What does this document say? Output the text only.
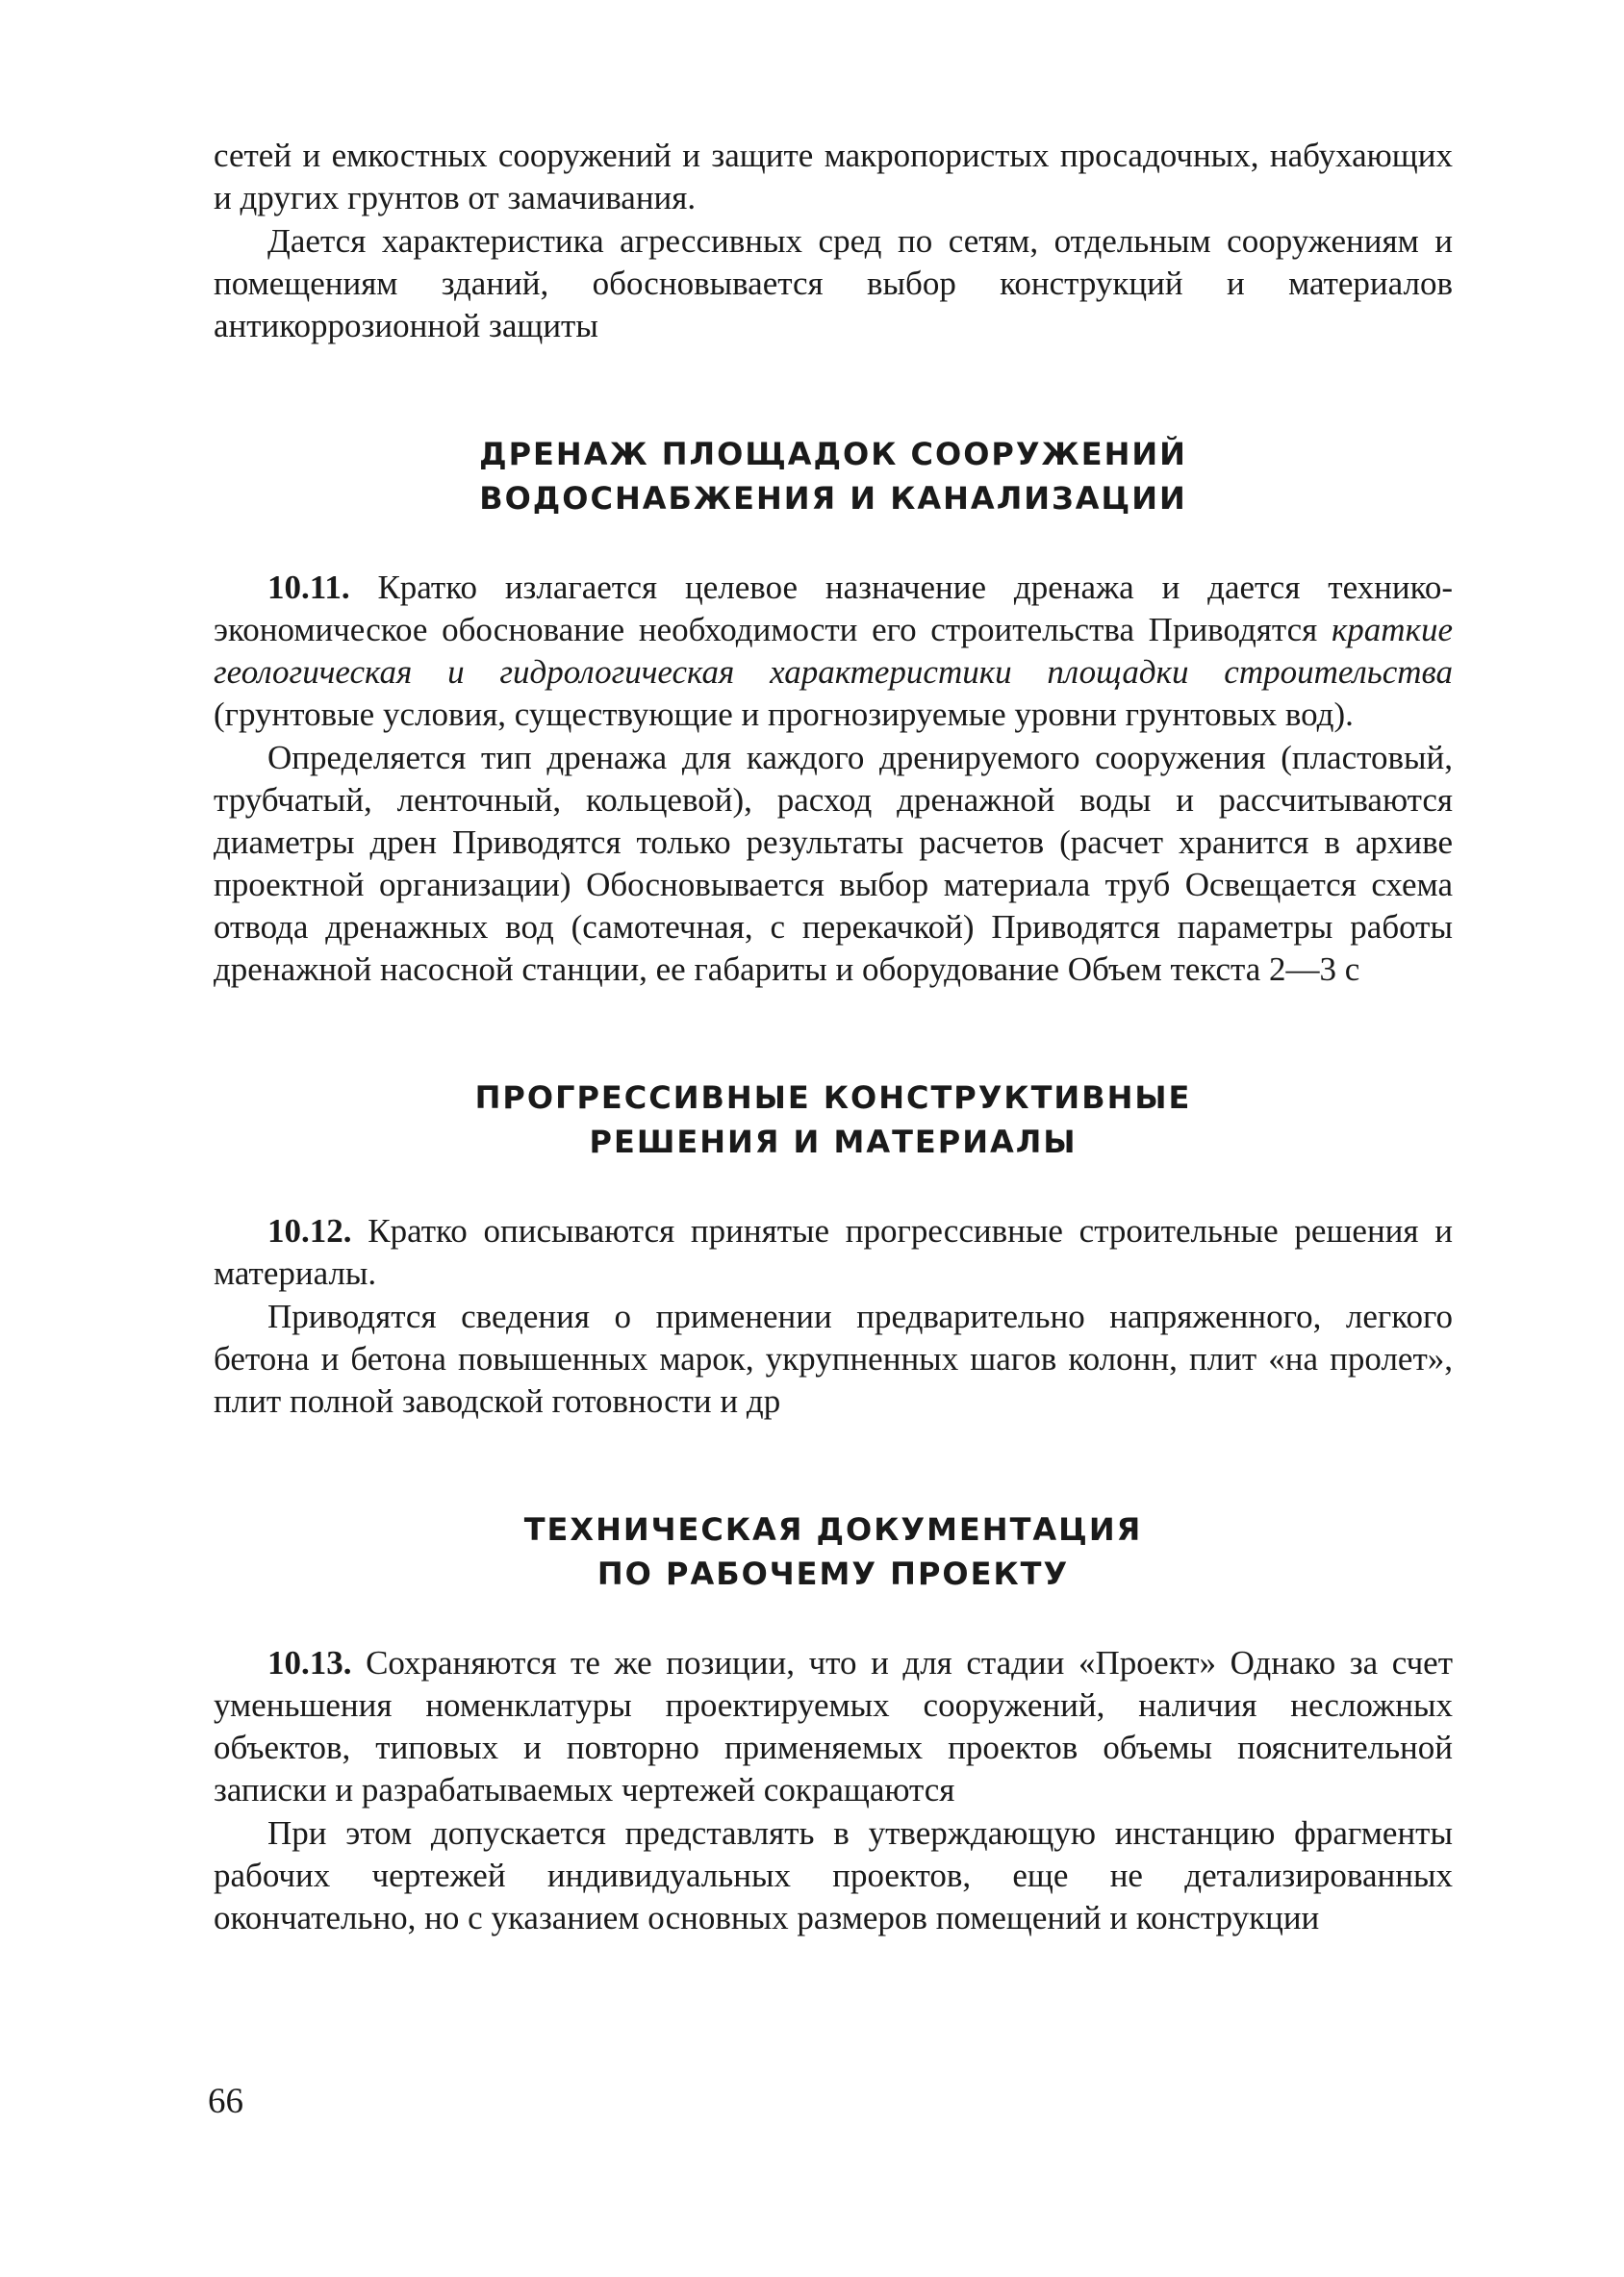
сетей и емкостных сооружений и защите макропористых просадочных, набухающих и других грунтов от замачивания.

Дается характеристика агрессивных сред по сетям, отдельным сооружениям и помещениям зданий, обосновывается выбор конструкций и материалов антикоррозионной защиты

ДРЕНАЖ ПЛОЩАДОК СООРУЖЕНИЙ
ВОДОСНАБЖЕНИЯ И КАНАЛИЗАЦИИ

10.11. Кратко излагается целевое назначение дренажа и дается технико-экономическое обоснование необходимости его строительства Приводятся краткие геологическая и гидрологическая характеристики площадки строительства (грунтовые условия, существующие и прогнозируемые уровни грунтовых вод).

Определяется тип дренажа для каждого дренируемого сооружения (пластовый, трубчатый, ленточный, кольцевой), расход дренажной воды и рассчитываются диаметры дрен Приводятся только результаты расчетов (расчет хранится в архиве проектной организации) Обосновывается выбор материала труб Освещается схема отвода дренажных вод (самотечная, с перекачкой) Приводятся параметры работы дренажной насосной станции, ее габариты и оборудование Объем текста 2—3 с

ПРОГРЕССИВНЫЕ КОНСТРУКТИВНЫЕ
РЕШЕНИЯ И МАТЕРИАЛЫ

10.12. Кратко описываются принятые прогрессивные строительные решения и материалы.

Приводятся сведения о применении предварительно напряженного, легкого бетона и бетона повышенных марок, укрупненных шагов колонн, плит «на пролет», плит полной заводской готовности и др

ТЕХНИЧЕСКАЯ ДОКУМЕНТАЦИЯ
ПО РАБОЧЕМУ ПРОЕКТУ

10.13. Сохраняются те же позиции, что и для стадии «Проект» Однако за счет уменьшения номенклатуры проектируемых сооружений, наличия несложных объектов, типовых и повторно применяемых проектов объемы пояснительной записки и разрабатываемых чертежей сокращаются

При этом допускается представлять в утверждающую инстанцию фрагменты рабочих чертежей индивидуальных проектов, еще не детализированных окончательно, но с указанием основных размеров помещений и конструкции

66
